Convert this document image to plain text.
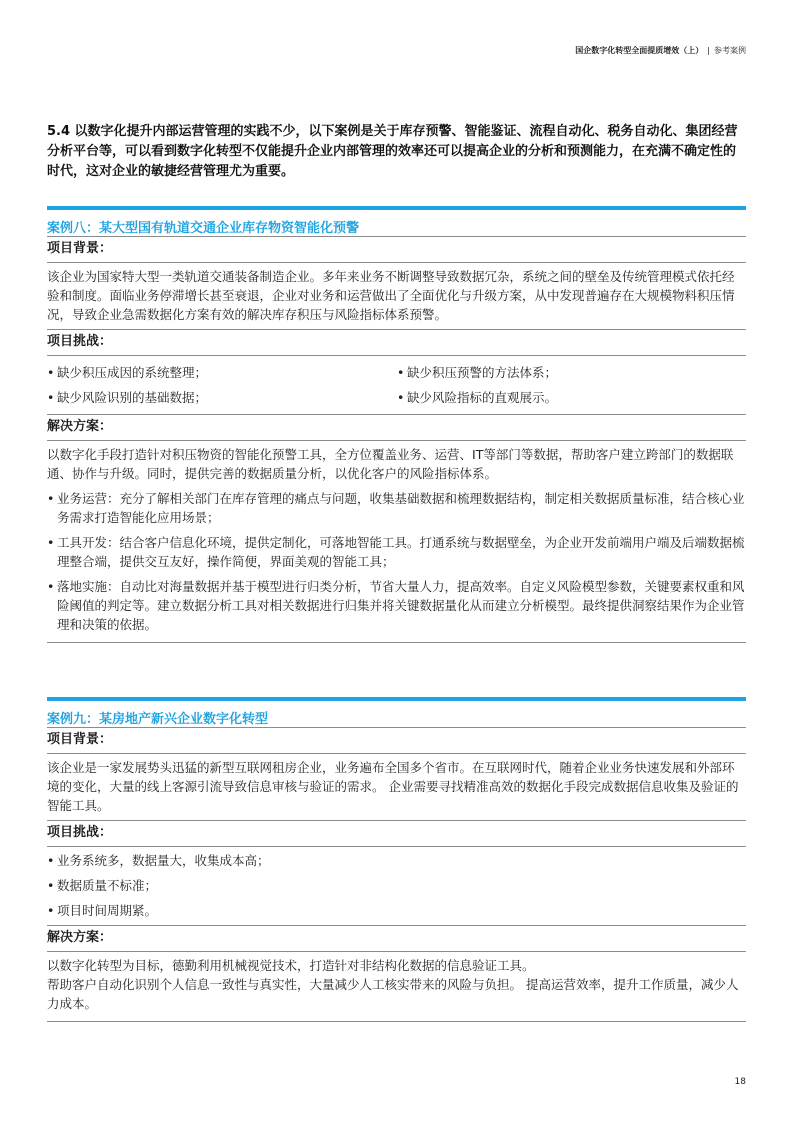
国企数字化转型全面提质增效（上） | 参考案例
5.4 以数字化提升内部运营管理的实践不少，以下案例是关于库存预警、智能鉴证、流程自动化、税务自动化、集团经营分析平台等，可以看到数字化转型不仅能提升企业内部管理的效率还可以提高企业的分析和预测能力，在充满不确定性的时代，这对企业的敏捷经营管理尤为重要。
案例八：某大型国有轨道交通企业库存物资智能化预警
项目背景：

该企业为国家特大型一类轨道交通装备制造企业。多年来业务不断调整导致数据冗杂，系统之间的壁垒及传统管理模式依托经验和制度。面临业务停滞增长甚至衰退，企业对业务和运营做出了全面优化与升级方案，从中发现普遍存在大规模物料积压情况，导致企业急需数据化方案有效的解决库存积压与风险指标体系预警。

项目挑战：

• 缺少积压成因的系统整理；	• 缺少积压预警的方法体系；

• 缺少风险识别的基础数据；	• 缺少风险指标的直观展示。

解决方案：

以数字化手段打造针对积压物资的智能化预警工具，全方位覆盖业务、运营、IT等部门等数据，帮助客户建立跨部门的数据联通、协作与升级。同时，提供完善的数据质量分析，以优化客户的风险指标体系。

• 业务运营：充分了解相关部门在库存管理的痛点与问题，收集基础数据和梳理数据结构，制定相关数据质量标准，结合核心业务需求打造智能化应用场景；

• 工具开发：结合客户信息化环境，提供定制化，可落地智能工具。打通系统与数据壁垒，为企业开发前端用户端及后端数据梳理整合端，提供交互友好，操作简便，界面美观的智能工具；

• 落地实施：自动比对海量数据并基于模型进行归类分析，节省大量人力，提高效率。自定义风险模型参数，关键要素权重和风险阈值的判定等。建立数据分析工具对相关数据进行归集并将关键数据量化从而建立分析模型。最终提供洞察结果作为企业管理和决策的依据。

案例九：某房地产新兴企业数字化转型
项目背景：

该企业是一家发展势头迅猛的新型互联网租房企业，业务遍布全国多个省市。在互联网时代，随着企业业务快速发展和外部环境的变化，大量的线上客源引流导致信息审核与验证的需求。 企业需要寻找精准高效的数据化手段完成数据信息收集及验证的智能工具。

项目挑战：

• 业务系统多，数据量大，收集成本高；

• 数据质量不标准；

• 项目时间周期紧。

解决方案：

以数字化转型为目标，德勤利用机械视觉技术，打造针对非结构化数据的信息验证工具。

帮助客户自动化识别个人信息一致性与真实性，大量减少人工核实带来的风险与负担。 提高运营效率，提升工作质量，减少人力成本。

18
